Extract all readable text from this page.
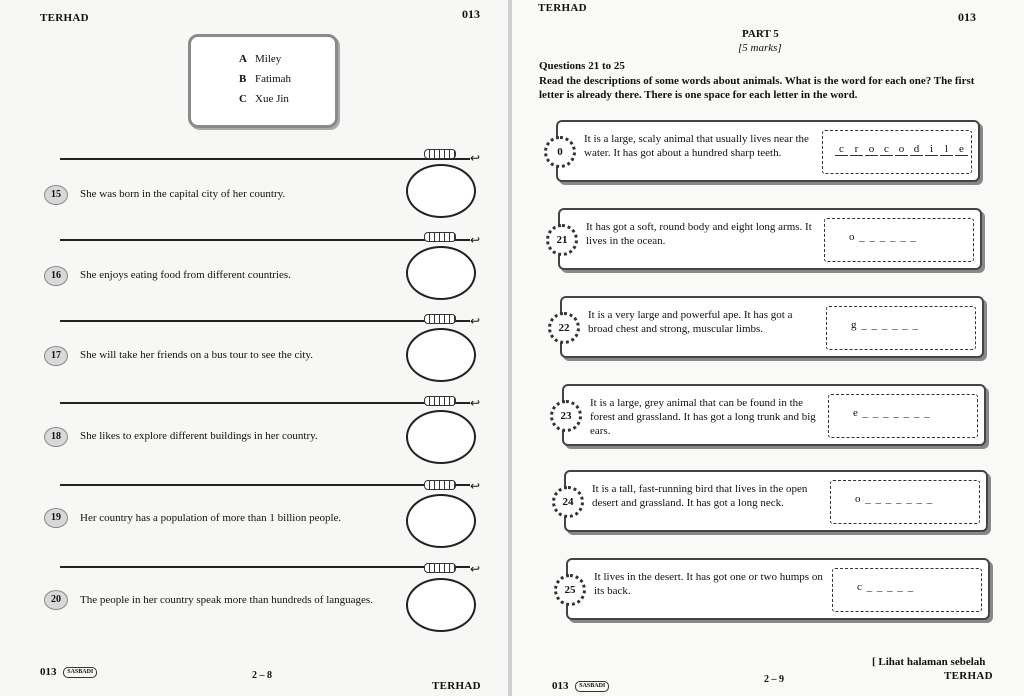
TERHAD	013
A Miley
B Fatimah
C Xue Jin
↩
15	She was born in the capital city of her country.
↩
16	She enjoys eating food from different countries.
↩
17	She will take her friends on a bus tour to see the city.
↩
18	She likes to explore different buildings in her country.
↩
19	Her country has a population of more than 1 billion people.
↩
20	The people in her country speak more than hundreds of languages.
013 SASBADI	2 – 8
TERHAD
TERHAD
013
PART 5
[5 marks]
Questions 21 to 25
Read the descriptions of some words about animals. What is the word for each one? The first letter is already there. There is one space for each letter in the word.
0
It is a large, scaly animal that usually lives near the water. It has got about a hundred sharp teeth.	c r o c o d i l e
21
It has got a soft, round body and eight long arms. It lives in the ocean.	o _ _ _ _ _ _
22
It is a very large and powerful ape. It has got a broad chest and strong, muscular limbs.	g _ _ _ _ _ _
23
It is a large, grey animal that can be found in the forest and grassland. It has got a long trunk and big ears.
e _ _ _ _ _ _ _
24
It is a tall, fast-running bird that lives in the open desert and grassland. It has got a long neck.	o _ _ _ _ _ _ _
25
It lives in the desert. It has got one or two humps on its back.	c _ _ _ _ _
013 SASBADI
2 – 9
[ Lihat halaman sebelah
TERHAD
